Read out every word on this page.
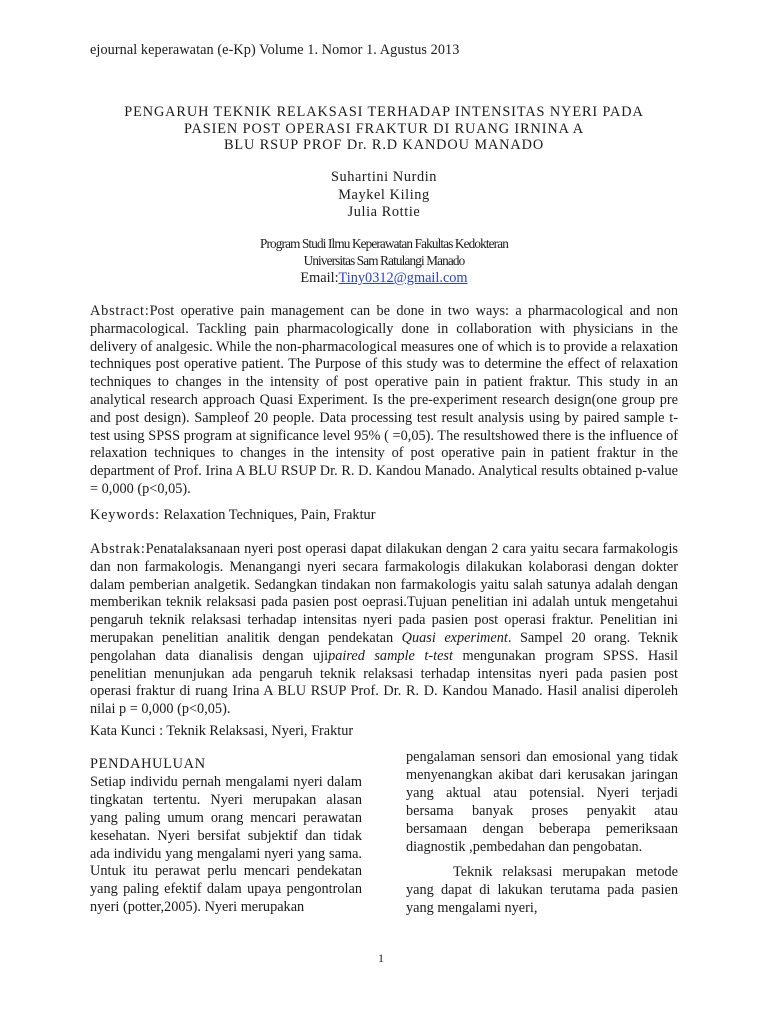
ejournal keperawatan (e-Kp) Volume 1. Nomor 1. Agustus 2013
PENGARUH TEKNIK RELAKSASI TERHADAP INTENSITAS NYERI PADA
PASIEN POST OPERASI FRAKTUR DI RUANG IRNINA A
BLU RSUP PROF Dr. R.D KANDOU MANADO
Suhartini Nurdin
Maykel Kiling
Julia Rottie
Program Studi Ilmu Keperawatan Fakultas Kedokteran
Universitas Sam Ratulangi Manado
Email:Tiny0312@gmail.com

Abstract:Post operative pain management can be done in two ways: a pharmacological and non pharmacological. Tackling pain pharmacologically done in collaboration with physicians in the delivery of analgesic. While the non-pharmacological measures one of which is to provide a relaxation techniques post operative patient. The Purpose of this study was to determine the effect of relaxation techniques to changes in the intensity of post operative pain in patient fraktur. This study in an analytical research approach Quasi Experiment. Is the pre-experiment research design(one group pre and post design). Sampleof 20 people. Data processing test result analysis using by paired sample t-test using SPSS program at significance level 95% ( =0,05). The resultshowed there is the influence of relaxation techniques to changes in the intensity of post operative pain in patient fraktur in the department of Prof. Irina A BLU RSUP Dr. R. D. Kandou Manado. Analytical results obtained p-value = 0,000 (p<0,05).

Keywords: Relaxation Techniques, Pain, Fraktur

Abstrak:Penatalaksanaan nyeri post operasi dapat dilakukan dengan 2 cara yaitu secara farmakologis dan non farmakologis. Menangangi nyeri secara farmakologis dilakukan kolaborasi dengan dokter dalam pemberian analgetik. Sedangkan tindakan non farmakologis yaitu salah satunya adalah dengan memberikan teknik relaksasi pada pasien post oeprasi.Tujuan penelitian ini adalah untuk mengetahui pengaruh teknik relaksasi terhadap intensitas nyeri pada pasien post operasi fraktur. Penelitian ini merupakan penelitian analitik dengan pendekatan Quasi experiment. Sampel 20 orang. Teknik pengolahan data dianalisis dengan ujipaired sample t-test mengunakan program SPSS. Hasil penelitian menunjukan ada pengaruh teknik relaksasi terhadap intensitas nyeri pada pasien post operasi fraktur di ruang Irina A BLU RSUP Prof. Dr. R. D. Kandou Manado. Hasil analisi diperoleh nilai p = 0,000 (p<0,05).

Kata Kunci : Teknik Relaksasi, Nyeri, Fraktur

PENDAHULUAN

Setiap individu pernah mengalami nyeri dalam tingkatan tertentu. Nyeri merupakan alasan yang paling umum orang mencari perawatan kesehatan. Nyeri bersifat subjektif dan tidak ada individu yang mengalami nyeri yang sama. Untuk itu perawat perlu mencari pendekatan yang paling efektif dalam upaya pengontrolan nyeri (potter,2005). Nyeri merupakan

pengalaman sensori dan emosional yang tidak menyenangkan akibat dari kerusakan jaringan yang aktual atau potensial. Nyeri terjadi bersama banyak proses penyakit atau bersamaan dengan beberapa pemeriksaan diagnostik ,pembedahan dan pengobatan.

Teknik relaksasi merupakan metode yang dapat di lakukan terutama pada pasien yang mengalami nyeri,

1
